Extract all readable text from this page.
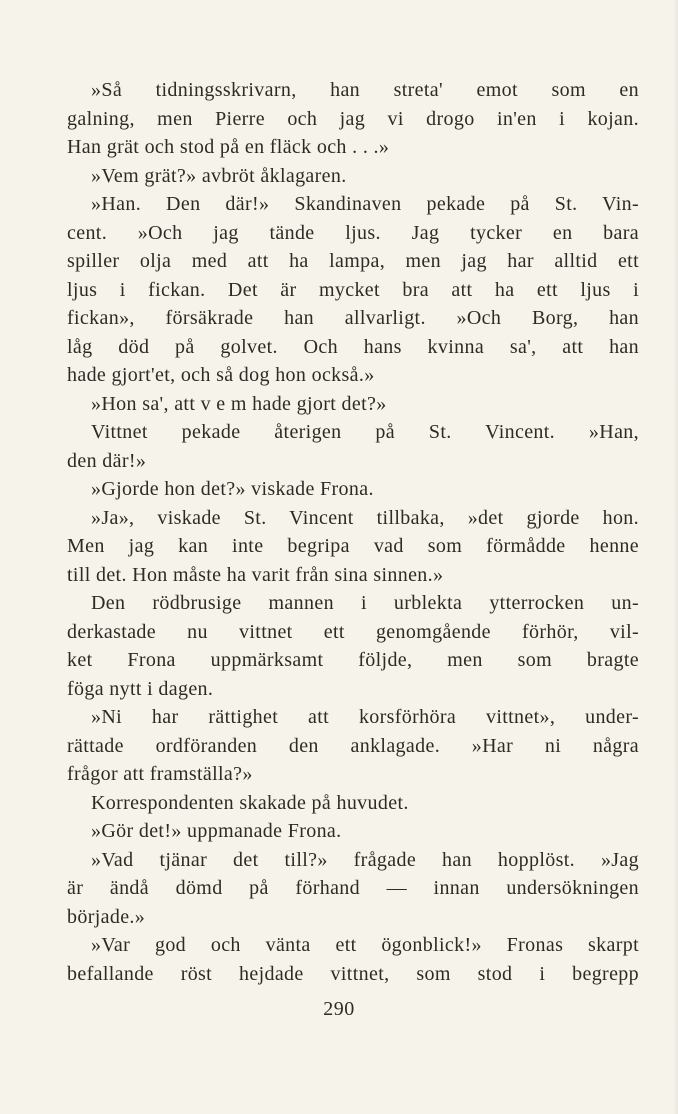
»Så tidningsskrivarn, han streta' emot som en
galning, men Pierre och jag vi drogo in'en i kojan.
Han grät och stod på en fläck och . . .»
»Vem grät?» avbröt åklagaren.
»Han. Den där!» Skandinaven pekade på St. Vin-
cent. »Och jag tände ljus. Jag tycker en bara
spiller olja med att ha lampa, men jag har alltid ett
ljus i fickan. Det är mycket bra att ha ett ljus i
fickan», försäkrade han allvarligt. »Och Borg, han
låg död på golvet. Och hans kvinna sa', att han
hade gjort'et, och så dog hon också.»
»Hon sa', att v e m hade gjort det?»
Vittnet pekade återigen på St. Vincent. »Han,
den där!»
»Gjorde hon det?» viskade Frona.
»Ja», viskade St. Vincent tillbaka, »det gjorde hon.
Men jag kan inte begripa vad som förmådde henne
till det. Hon måste ha varit från sina sinnen.»
Den rödbrusige mannen i urblekta ytterrocken un-
derkastade nu vittnet ett genomgående förhör, vil-
ket Frona uppmärksamt följde, men som bragte
föga nytt i dagen.
»Ni har rättighet att korsförhöra vittnet», under-
rättade ordföranden den anklagade. »Har ni några
frågor att framställa?»
Korrespondenten skakade på huvudet.
»Gör det!» uppmanade Frona.
»Vad tjänar det till?» frågade han hopplöst. »Jag
är ändå dömd på förhand — innan undersökningen
började.»
»Var god och vänta ett ögonblick!» Fronas skarpt
befallande röst hejdade vittnet, som stod i begrepp
290
